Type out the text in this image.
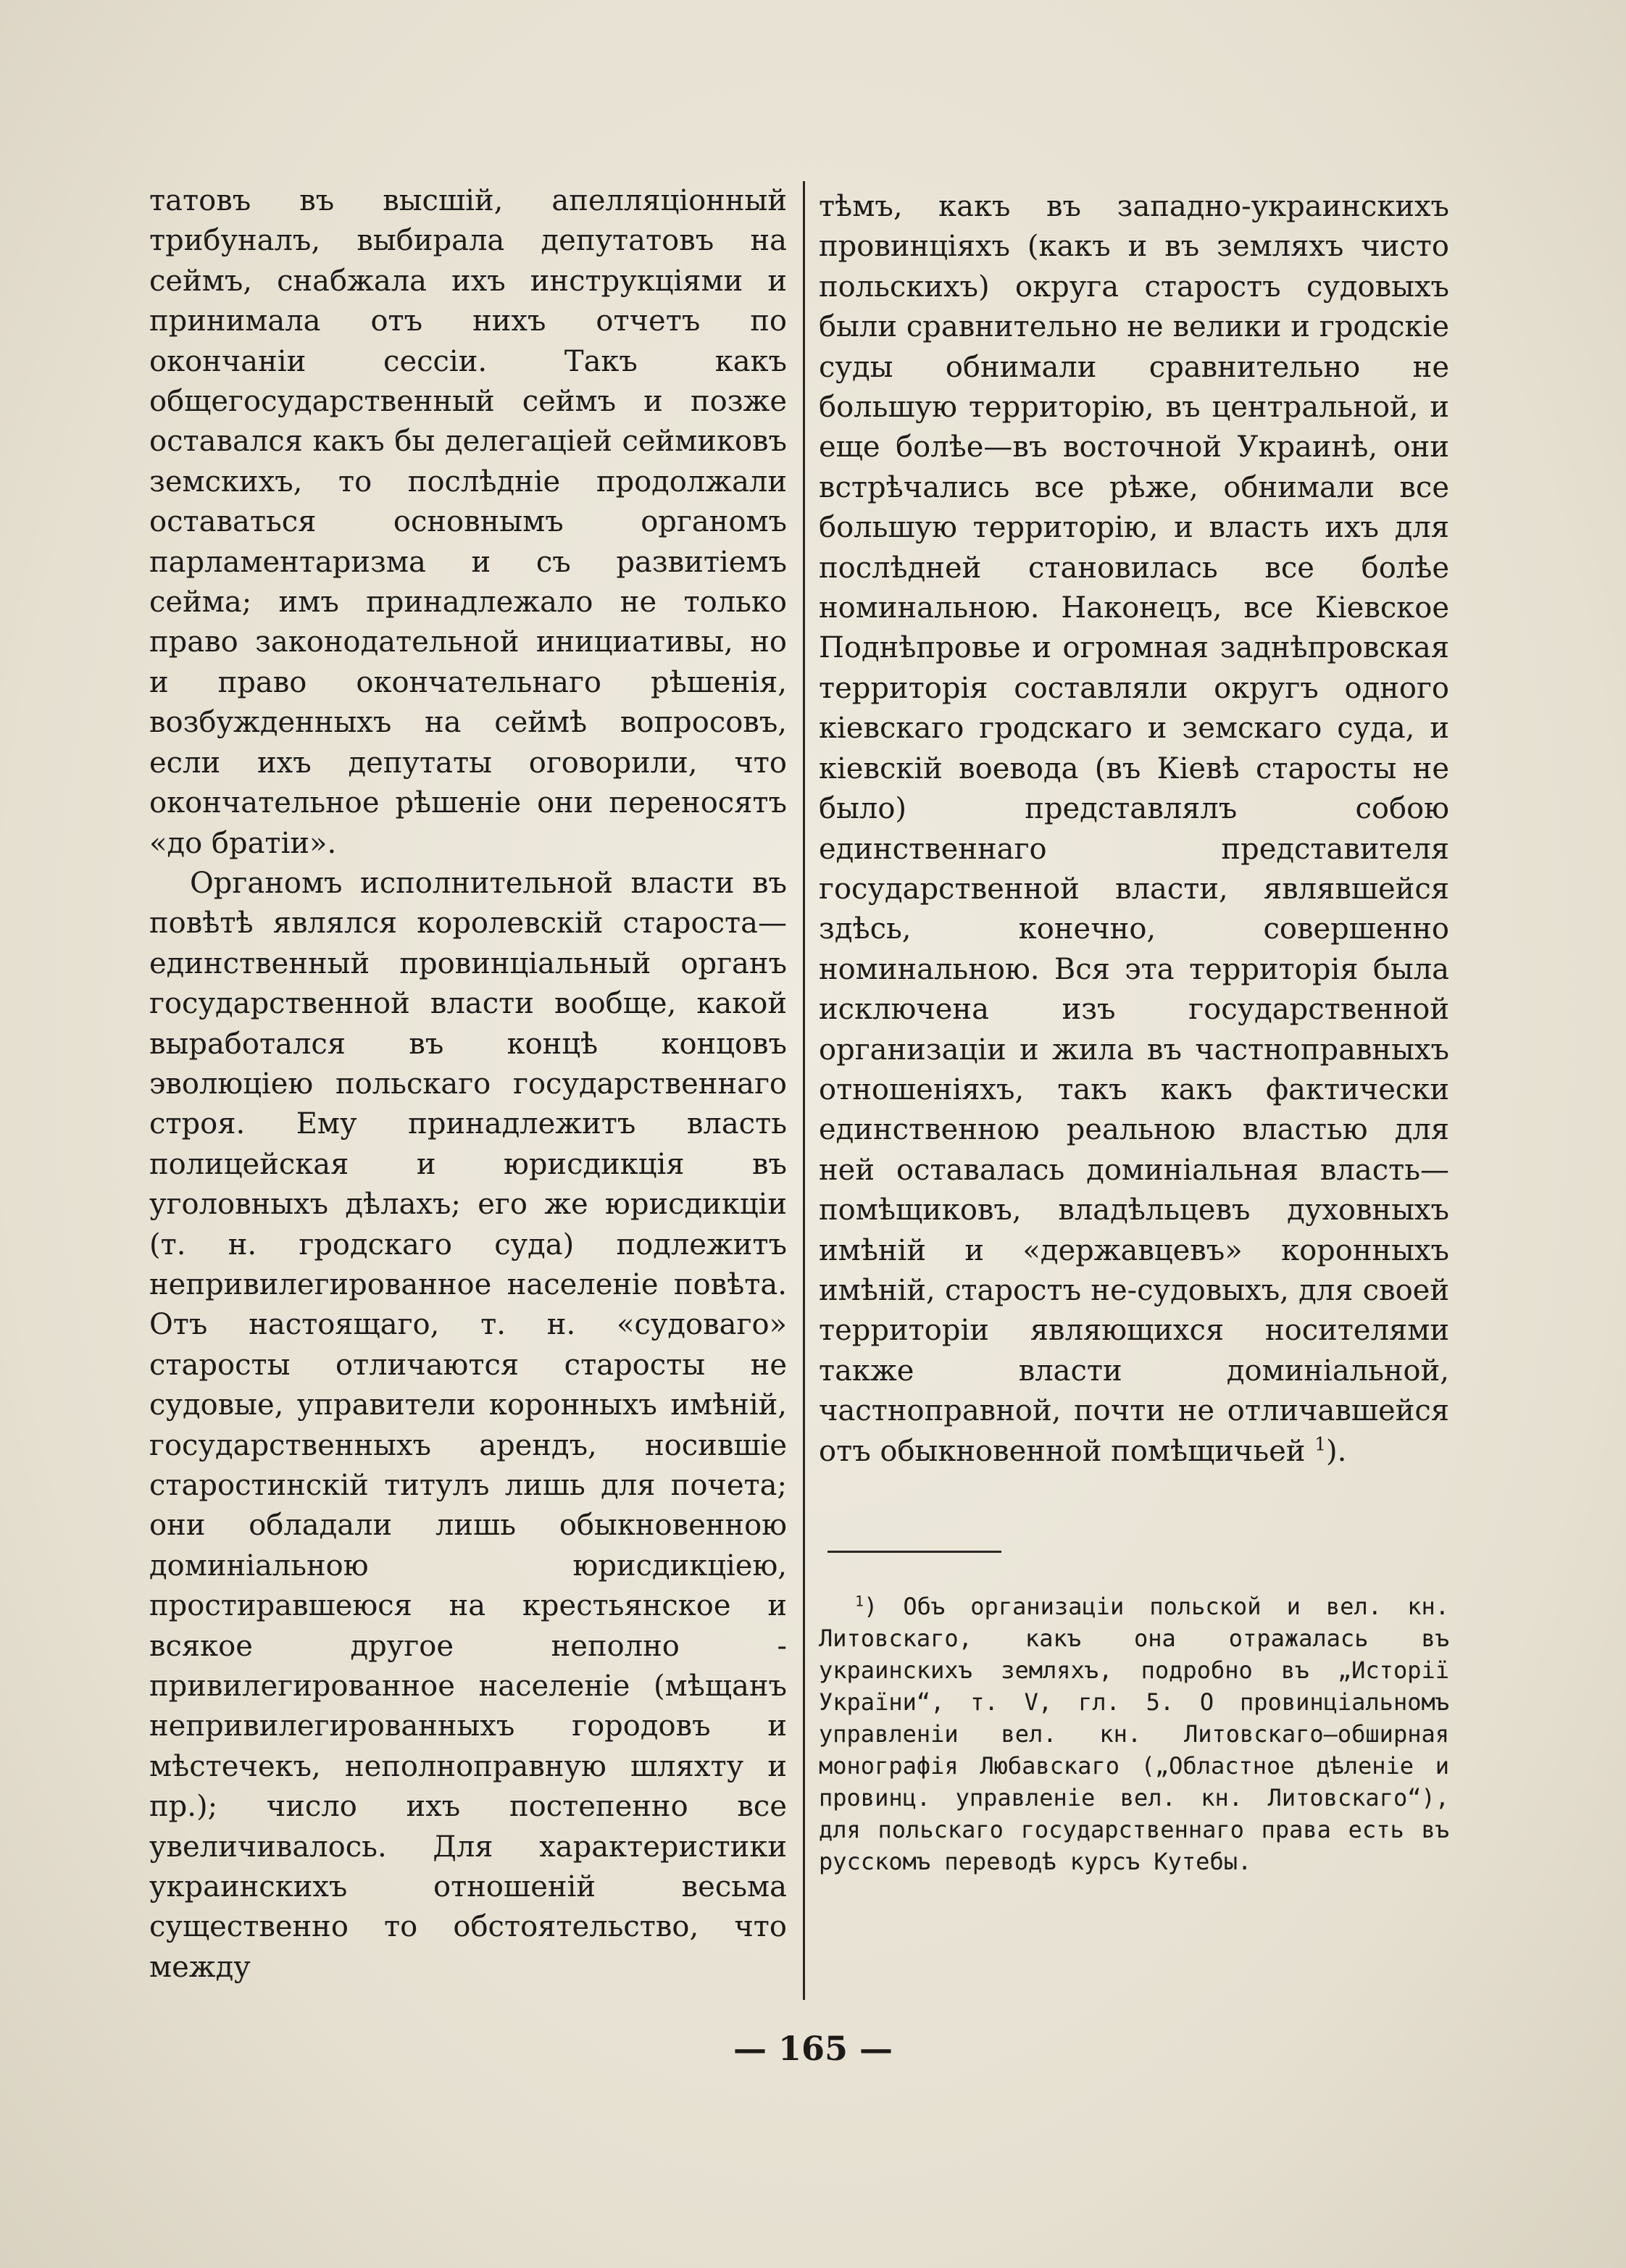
татовъ въ высшій, апелляціонный трибуналъ, выбирала депутатовъ на сеймъ, снабжала ихъ инструкціями и принимала отъ нихъ отчетъ по окончаніи сессіи. Такъ какъ общегосударственный сеймъ и позже оставался какъ бы делегаціей сеймиковъ земскихъ, то послѣдніе продолжали оставаться основнымъ органомъ парламентаризма и съ развитіемъ сейма; имъ принадлежало не только право законодательной инициативы, но и право окончательнаго рѣшенія, возбужденныхъ на сеймѣ вопросовъ, если ихъ депутаты оговорили, что окончательное рѣшеніе они переносятъ «до братіи».

Органомъ исполнительной власти въ повѣтѣ являлся королевскій староста— единственный провинціальный органъ государственной власти вообще, какой выработался въ концѣ концовъ эволюціею польскаго государственнаго строя. Ему принадлежитъ власть полицейская и юрисдикція въ уголовныхъ дѣлахъ; его же юрисдикціи (т. н. гродскаго суда) подлежитъ непривилегированное населеніе повѣта. Отъ настоящаго, т. н. «судоваго» старосты отличаются старосты не судовые, управители коронныхъ имѣній, государственныхъ арендъ, носившіе старостинскій титулъ лишь для почета; они обладали лишь обыкновенною доминіальною юрисдикціею, простиравшеюся на крестьянское и всякое другое неполно - привилегированное населеніе (мѣщанъ непривилегированныхъ городовъ и мѣстечекъ, неполноправную шляхту и пр.); число ихъ постепенно все увеличивалось. Для характеристики украинскихъ отношеній весьма существенно то обстоятельство, что между

тѣмъ, какъ въ западно-украинскихъ провинціяхъ (какъ и въ земляхъ чисто польскихъ) округа старостъ судовыхъ были сравнительно не велики и гродскіе суды обнимали сравнительно не большую территорію, въ центральной, и еще болѣе—въ восточной Украинѣ, они встрѣчались все рѣже, обнимали все большую территорію, и власть ихъ для послѣдней становилась все болѣе номинальною. Наконецъ, все Кіевское Поднѣпровье и огромная заднѣпровская территорія составляли округъ одного кіевскаго гродскаго и земскаго суда, и кіевскій воевода (въ Кіевѣ старосты не было) представлялъ собою единственнаго представителя государственной власти, являвшейся здѣсь, конечно, совершенно номинальною. Вся эта территорія была исключена изъ государственной организаціи и жила въ частноправныхъ отношеніяхъ, такъ какъ фактически единственною реальною властью для ней оставалась доминіальная власть—помѣщиковъ, владѣльцевъ духовныхъ имѣній и «державцевъ» коронныхъ имѣній, старостъ не-судовыхъ, для своей территоріи являющихся носителями также власти доминіальной, частноправной, почти не отличавшейся отъ обыкновенной помѣщичьей $^1$).

$^1$) Объ организаціи польской и вел. кн. Литовскаго, какъ она отражалась въ украинскихъ земляхъ, подробно въ „Исторії України“, т. V, гл. 5. О провинціальномъ управленіи вел. кн. Литовскаго—обширная монографія Любавскаго („Областное дѣленіе и провинц. управленіе вел. кн. Литовскаго“), для польскаго государственнаго права есть въ русскомъ переводѣ курсъ Кутебы.

— 165 —
